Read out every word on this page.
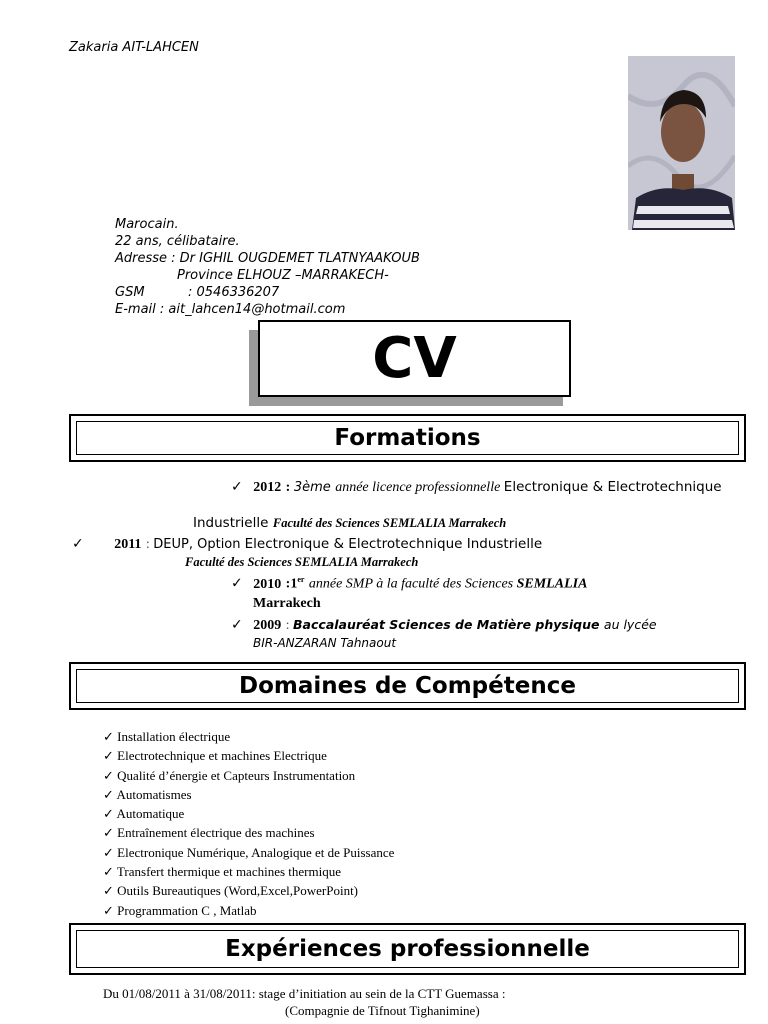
Zakaria AIT-LAHCEN
Marocain.
22 ans, célibataire.
Adresse : Dr IGHIL OUGDEMET TLATNYAAKOUB
Province ELHOUZ –MARRAKECH-
GSM	: 0546336207
E-mail : ait_lahcen14@hotmail.com
CV
Formations
✓ 2012 : 3ème année licence professionnelle Electronique & Electrotechnique
Industrielle Faculté des Sciences SEMLALIA Marrakech
✓ 2011 : DEUP, Option Electronique & Electrotechnique Industrielle
Faculté des Sciences SEMLALIA Marrakech
✓ 2010 :1er année SMP à la faculté des Sciences SEMLALIA
Marrakech
✓ 2009 : Baccalauréat Sciences de Matière physique au lycée
BIR-ANZARAN Tahnaout
Domaines de Compétence
✓ Installation électrique
✓ Electrotechnique et machines Electrique
✓ Qualité d’énergie et Capteurs Instrumentation
✓ Automatismes
✓ Automatique
✓ Entraînement électrique des machines
✓ Electronique Numérique, Analogique et de Puissance
✓ Transfert thermique et machines thermique
✓ Outils Bureautiques (Word,Excel,PowerPoint)
✓ Programmation C , Matlab
Expériences professionnelle
Du 01/08/2011 à 31/08/2011: stage d’initiation au sein de la CTT Guemassa :
(Compagnie de Tifnout Tighanimine)
